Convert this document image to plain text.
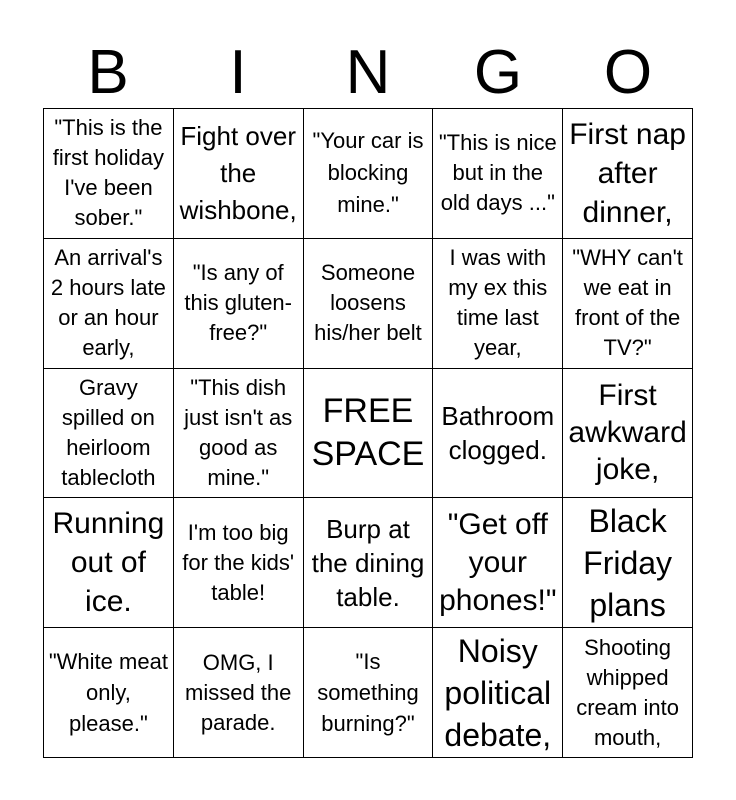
B	I	N	G	O
"This is the first holiday I've been sober."
Fight over the wishbone,
"Your car is blocking mine."
"This is nice but in the old days ..."
First nap after dinner,
An arrival's 2 hours late or an hour early,
"Is any of this gluten-free?"
Someone loosens his/her belt
I was with my ex this time last year,
"WHY can't we eat in front of the TV?"
Gravy spilled on heirloom tablecloth
"This dish just isn't as good as mine."
FREE SPACE
Bathroom clogged.
First awkward joke,
Running out of ice.
I'm too big for the kids' table!
Burp at the dining table.
"Get off your phones!"
Black Friday plans
"White meat only, please."
OMG, I missed the parade.
"Is something burning?"
Noisy political debate,
Shooting whipped cream into mouth,
